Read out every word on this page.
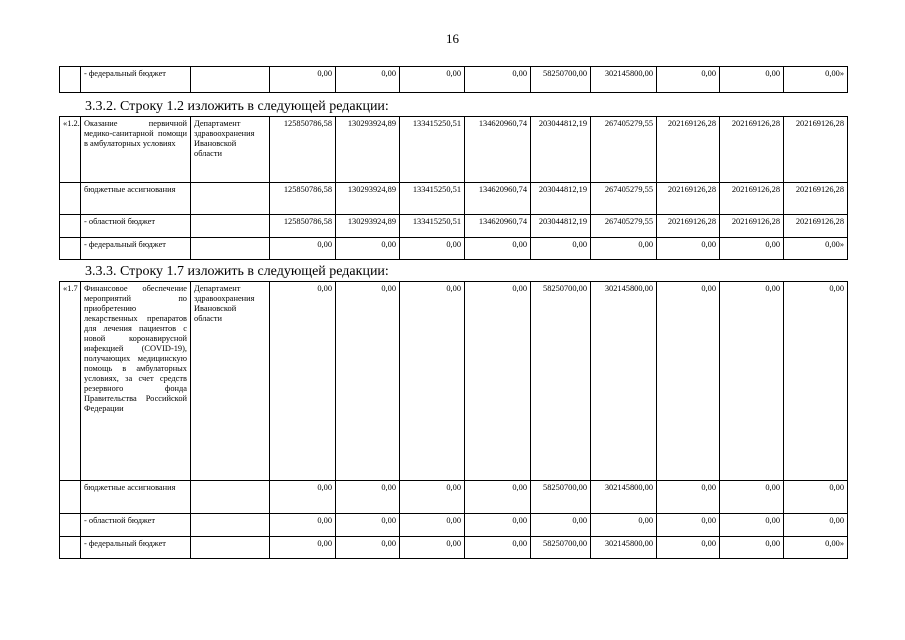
16
	- федеральный бюджет		0,00	0,00	0,00	0,00	58250700,00	302145800,00	0,00	0,00	0,00»
3.3.2. Строку 1.2 изложить в следующей редакции:
«1.2.	Оказание первичной медико-санитарной помощи в амбулаторных условиях	Департамент здравоохранения Ивановской области	125850786,58	130293924,89	133415250,51	134620960,74	203044812,19	267405279,55	202169126,28	202169126,28	202169126,28
	бюджетные ассигнования		125850786,58	130293924,89	133415250,51	134620960,74	203044812,19	267405279,55	202169126,28	202169126,28	202169126,28
	- областной бюджет		125850786,58	130293924,89	133415250,51	134620960,74	203044812,19	267405279,55	202169126,28	202169126,28	202169126,28
	- федеральный бюджет		0,00	0,00	0,00	0,00	0,00	0,00	0,00	0,00	0,00»
3.3.3. Строку 1.7 изложить в следующей редакции:
«1.7	Финансовое обеспечение мероприятий по приобретению лекарственных препаратов для лечения пациентов с новой коронавирусной инфекцией (COVID-19), получающих медицинскую помощь в амбулаторных условиях, за счет средств резервного фонда Правительства Российской Федерации	Департамент здравоохранения Ивановской области	0,00	0,00	0,00	0,00	58250700,00	302145800,00	0,00	0,00	0,00
	бюджетные ассигнования		0,00	0,00	0,00	0,00	58250700,00	302145800,00	0,00	0,00	0,00
	- областной бюджет		0,00	0,00	0,00	0,00	0,00	0,00	0,00	0,00	0,00
	- федеральный бюджет		0,00	0,00	0,00	0,00	58250700,00	302145800,00	0,00	0,00	0,00»
